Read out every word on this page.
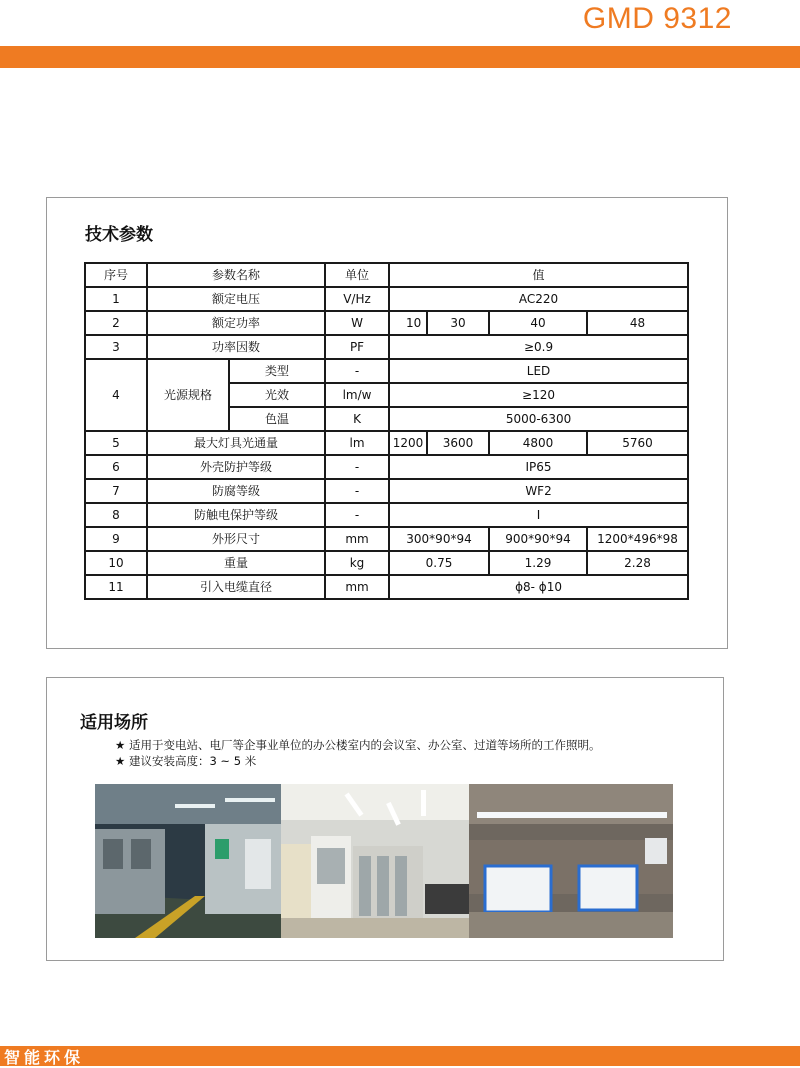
GMD 9312
技术参数
序号	参数名称		单位	值			
1	额定电压		V/Hz	AC220			
2	额定功率		W	10	30	40	48
3	功率因数		PF	≥0.9			
4	光源规格	类型	-	LED			
		光效	lm/w	≥120			
		色温	K	5000-6300			
5	最大灯具光通量		lm	1200	3600	4800	5760
6	外壳防护等级		-	IP65			
7	防腐等级		-	WF2			
8	防触电保护等级		-	I			
9	外形尺寸		mm	300*90*94		900*90*94	1200*496*98
10	重量		kg	0.75		1.29	2.28
11	引入电缆直径		mm	ϕ8- ϕ10			
适用场所
★ 适用于变电站、电厂等企事业单位的办公楼室内的会议室、办公室、过道等场所的工作照明。
★ 建议安装高度：3 ~ 5 米
智能环保
